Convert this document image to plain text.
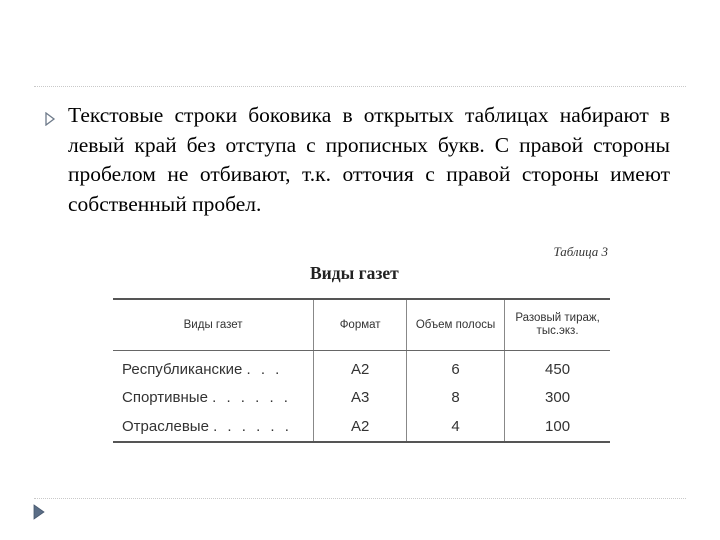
Текстовые строки боковика в открытых таблицах набирают в левый край без отступа с прописных букв. С правой стороны пробелом не отбивают, т.к. отточия с правой стороны имеют собственный пробел.

Таблица 3
Виды газет
Виды газет	Формат	Объем полосы	Разовый тираж, тыс.экз.
Республиканские . . .	А2	6	450
Спортивные . . . . . .	А3	8	300
Отраслевые . . . . . .	А2	4	100
